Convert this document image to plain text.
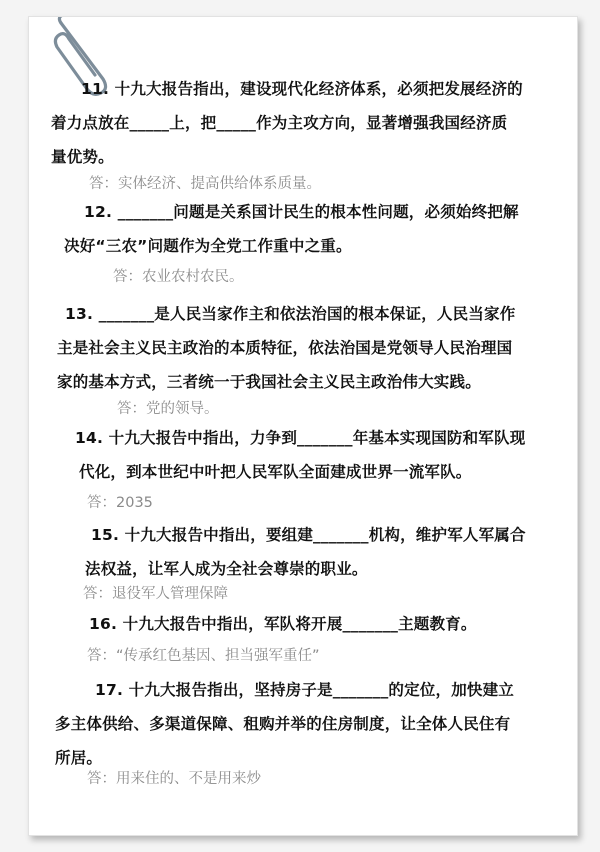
11. 十九大报告指出，建设现代化经济体系，必须把发展经济的
着力点放在_____上，把_____作为主攻方向，显著增强我国经济质
量优势。
答：实体经济、提高供给体系质量。
12. _______问题是关系国计民生的根本性问题，必须始终把解
决好“三农”问题作为全党工作重中之重。
答：农业农村农民。
13. _______是人民当家作主和依法治国的根本保证，人民当家作
主是社会主义民主政治的本质特征，依法治国是党领导人民治理国
家的基本方式，三者统一于我国社会主义民主政治伟大实践。
答：党的领导。
14. 十九大报告中指出，力争到_______年基本实现国防和军队现
代化，到本世纪中叶把人民军队全面建成世界一流军队。
答：2035
15. 十九大报告中指出，要组建_______机构，维护军人军属合
法权益，让军人成为全社会尊崇的职业。
答：退役军人管理保障
16. 十九大报告中指出，军队将开展_______主题教育。
答：“传承红色基因、担当强军重任”
17. 十九大报告指出，坚持房子是_______的定位，加快建立
多主体供给、多渠道保障、租购并举的住房制度，让全体人民住有
所居。
答：用来住的、不是用来炒
